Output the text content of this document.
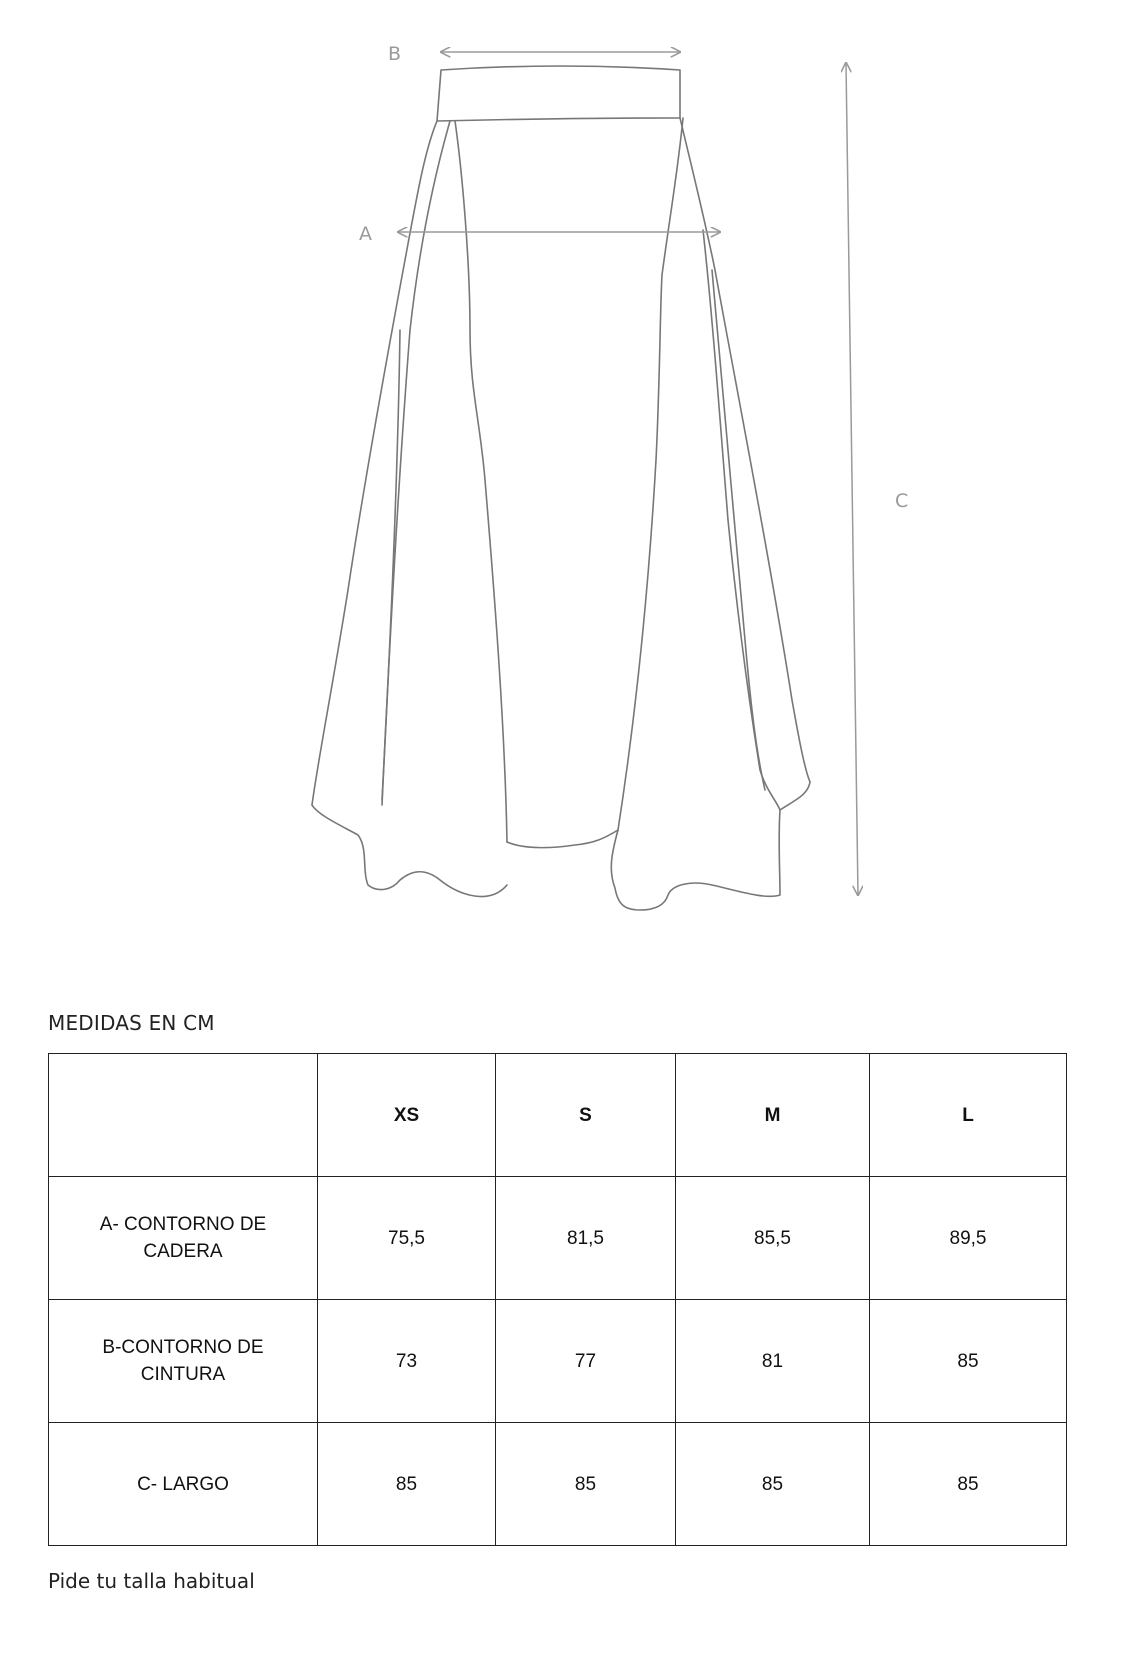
B
A
C
MEDIDAS EN CM
	XS	S	M	L
A- CONTORNO DE CADERA	75,5	81,5	85,5	89,5
B-CONTORNO DE CINTURA	73	77	81	85
C- LARGO	85	85	85	85
Pide tu talla habitual
